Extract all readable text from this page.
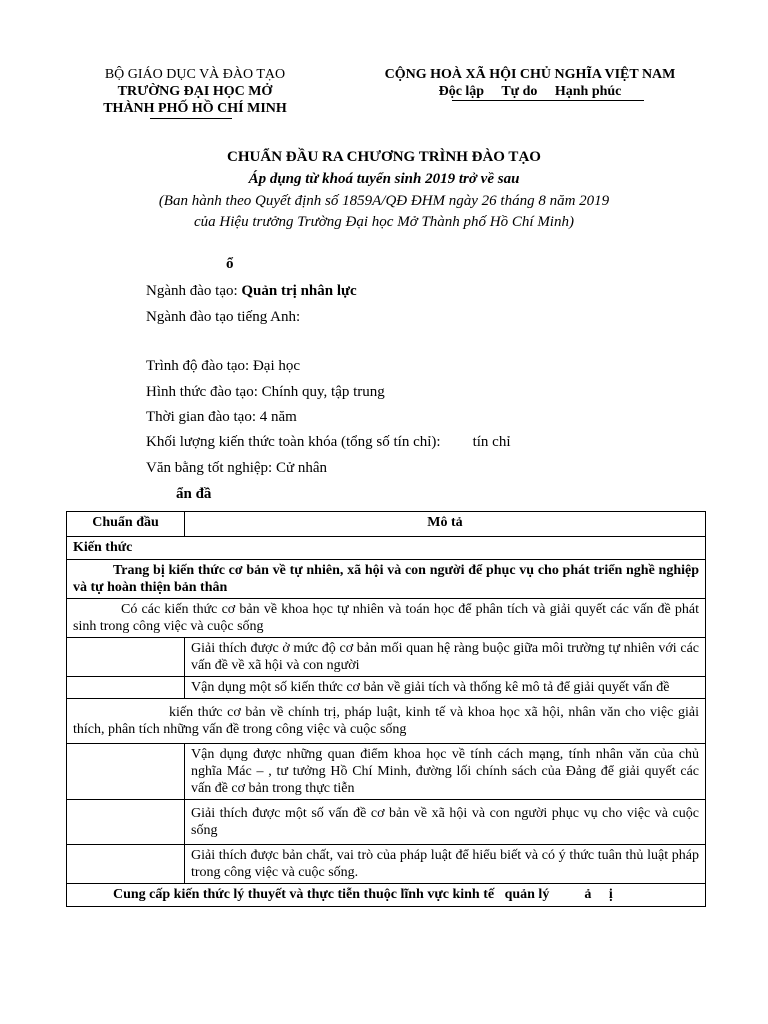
BỘ GIÁO DỤC VÀ ĐÀO TẠO
TRƯỜNG ĐẠI HỌC MỞ
THÀNH PHỐ HỒ CHÍ MINH
CỘNG HOÀ XÃ HỘI CHỦ NGHĨA VIỆT NAM
Độc lập Tự do Hạnh phúc
CHUẨN ĐẦU RA CHƯƠNG TRÌNH ĐÀO TẠO
Áp dụng từ khoá tuyển sinh 2019 trở về sau
(Ban hành theo Quyết định số 1859A/QĐ ĐHM ngày 26 tháng 8 năm 2019
của Hiệu trưởng Trường Đại học Mở Thành phố Hồ Chí Minh)
ổ
Ngành đào tạo: Quản trị nhân lực
Ngành đào tạo tiếng Anh:
Trình độ đào tạo: Đại học
Hình thức đào tạo: Chính quy, tập trung
Thời gian đào tạo: 4 năm
Khối lượng kiến thức toàn khóa (tổng số tín chỉ): tín chỉ
Văn bằng tốt nghiệp: Cử nhân
ẩn đầ
Chuẩn đầu	Mô tả
Kiến thức	
Trang bị kiến thức cơ bản về tự nhiên, xã hội và con người để phục vụ cho phát triển nghề nghiệp và tự hoàn thiện bản thân	
Có các kiến thức cơ bản về khoa học tự nhiên và toán học để phân tích và giải quyết các vấn đề phát sinh trong công việc và cuộc sống	
	Giải thích được ở mức độ cơ bản mối quan hệ ràng buộc giữa môi trường tự nhiên với các vấn đề về xã hội và con người
	Vận dụng một số kiến thức cơ bản về giải tích và thống kê mô tả để giải quyết vấn đề
kiến thức cơ bản về chính trị, pháp luật, kinh tế và khoa học xã hội, nhân văn cho việc giải thích, phân tích những vấn đề trong công việc và cuộc sống	
	Vận dụng được những quan điểm khoa học về tính cách mạng, tính nhân văn của chủ nghĩa Mác – , tư tưởng Hồ Chí Minh, đường lối chính sách của Đảng để giải quyết các vấn đề cơ bản trong thực tiễn
	Giải thích được một số vấn đề cơ bản về xã hội và con người phục vụ cho việc và cuộc sống
	Giải thích được bản chất, vai trò của pháp luật để hiểu biết và có ý thức tuân thủ luật pháp trong công việc và cuộc sống.
Cung cấp kiến thức lý thuyết và thực tiễn thuộc lĩnh vực kinh tế   quản lý          ả     ị	
